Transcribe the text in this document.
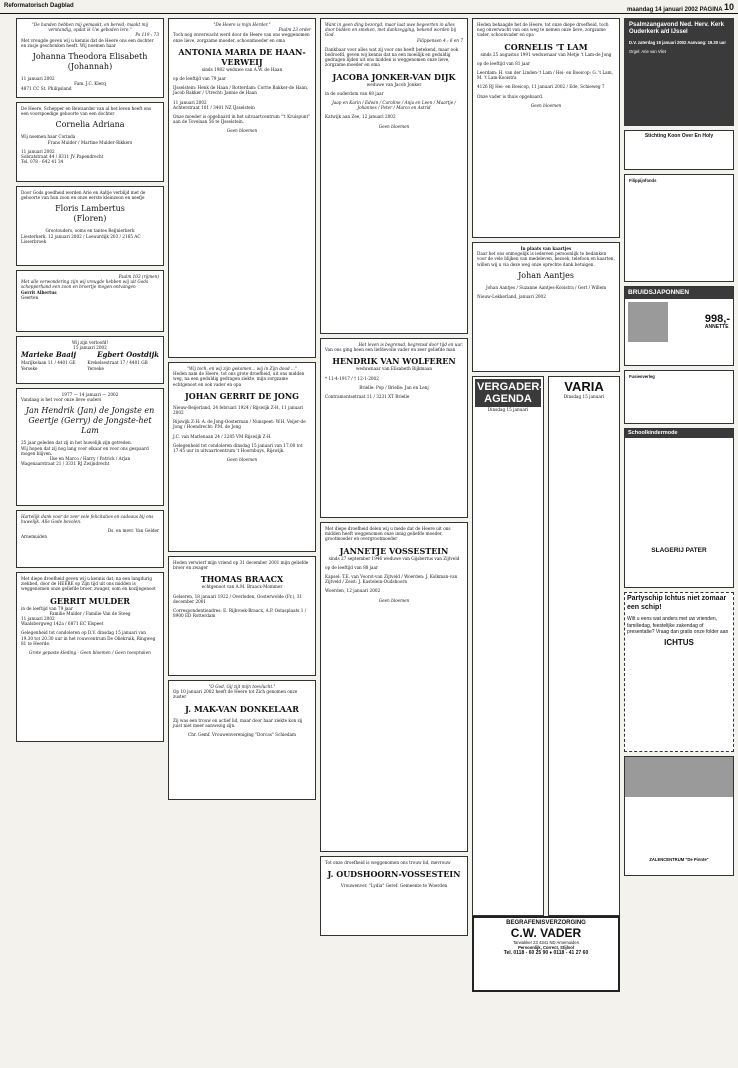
Reformatorisch Dagblad
maandag 14 januari 2002 PAGINA 10
"De handen hebben mij gemaakt, en bereid; maakt mij verstandig, opdat ik Uw geboden lere."
Ps 119 : 73
Met vreugde geven wij u kennis dat de Heere ons een dochter en zusje geschonken heeft. Wij noemen haar
Johanna Theodora Elisabeth
(Johannah)
11 januari 2002
Fam. J.C. Klerq
4871 CC St. Philipsland
De Heere, Schepper en Bewaarder van al het leven heeft ons een voorspoedige geboorte van een dochter
Cornelia Adriana
Wij noemen haar Corinda
Frans Mulder / Martine Mulder-Rikkers
11 januari 2002
Sobratstraat 44 / 8311 JV Papendrecht
Tel. 078 - 642 41 34
Door Gods goedheid werden Arie en Aaltje verblijd met de geboorte van hun zoon en onze eerste kleinzoon en neefje
Floris Lambertus
(Floren)
Grootouders, ooms en tantes Reijnierkerk
Liesterkerk, 12 januari 2002 / Loeuurdijk 203 / 2165 AC Lisserbroek
Psalm 103 (rijmen)
Met alle verwondering zijn wij vreugde hebben wij uit Gods schepperhand een zoon en broertje mogen ontvangen
Gerrit Albertus
Geerten
Wij zijn verloofd!
15 januari 2002
Marieke Baaij	Egbert Oostdijk
Marijkelaan 11 / 4401 GE Yerseke
Krekelsestraat 17 / 4401 GB Yerseke
1977 — 14 januari — 2002
Vandaag is het voor onze lieve ouders
Jan Hendrik (Jan) de Jongste en Geertje (Gerry) de Jongste-het Lam
25 jaar geleden dat zij in het huwelijk zijn getreden.
Wij hopen dat zij nog lang voor elkaar en voor ons gespaard mogen blijven.
Ilse en Marco / Harry / Patrick / Arjan
Wagenaarstraat 21 / 3331 RJ Zwijndrecht
Hartelijk dank voor de zeer vele felicitaties en cadeaus bij ons huwelijk. Alle Gode bevolen.
Ds. en mevr. Van Gelder
Arnemuiden
Met diepe droefheid geven wij u kennis dat, na een langdurig ziekbed, door de HEERE op Zijn tijd uit ons midden is weggenomen onze geliefde broer, zwager, oom en kozijngenoot
GERRIT MULDER
in de leeftijd van 79 jaar
Familie Mulder / Familie Van de Steeg
11 januari 2002
Waalsbergweg 142a / 6871 EC Elspeet
Gelegenheid tot condoleren op D.V. dinsdag 15 januari van 19.30 tot 20.30 uur in het rouwcentrum De Oliekruik, Ringweg 81 te Heerde.
Grote gepaste kleding - Geen bloemen / Geen toespraken
"De Heere is mijn Herder."
Psalm 23 order
Toch nog onverwacht werd door de Heere van ons weggenomen onze lieve, zorgzame moeder, schoonmoeder en oma
ANTONIA MARIA DE HAAN-VERWEIJ
sinds 1982 weduwe van A.W. de Haan
op de leeftijd van 79 jaar
IJsselstein: Henk de Haan / Rotterdam: Corrie Bakker-de Haan, Jacob Bakker / Utrecht: Jannie de Haan
11 januari 2002
Achterstraat 101 / 3401 NZ IJsselstein
Onze moeder is opgebaard in het uitvaartcentrum "'t Kruispunt" aan de Tovelaan 56 te IJsselstein.
Geen bloemen
"Wij toch, en wij zijn gekomen... wij in Zijn dood ..."
Heden nam de Heere, tot ons grote droefheid, uit ons midden weg, na een geduldig gedragen ziekte, mijn zorgzame echtgenoot en ook vader en opa
JOHAN GERRIT DE JONG
Nieuw-Beijerland, 24 februari 1924 / Rijswijk Z-H, 11 januari 2002
Rijswijk Z-H: A. de Jong-Oosterman / Nunspeet: W.H. Veijer-de Jong / Hoendrecht: P.M. de Jong
J.C. van Marlenaan 24 / 2285 VM Rijswijk Z-H
Gelegenheid tot condoleren dinsdag 15 januari van 17.00 tot 17.45 uur in uitvaartcentrum 't Hoornbuys, Rijswijk.
Geen bloemen
Heden verwierf mijn vriend op 31 december 2001 mijn geliefde broer en zwager
THOMAS BRAACX
echtgenoot van A.M. Braacx-Mommer
Gelseren, 18 januari 1922 / Overleden, Oosterwolde (Fr.), 31 december 2001
Correspondentieadres: E. Rijbroek-Braacx, A.P. Ostasplaats 1 / 8900 ED Rotterdam
"O God, Gij zijt mijn toevlucht."
Op 10 januari 2002 heeft de Heere tot Zich genomen onze zuster
J. MAK-VAN DONKELAAR
Zij was een trouw en actief lid, maar door haar ziekte kon zij juist niet meer aanwezig zijn.
Chr. Gemf. Vrouwenvereniging "Dorcas" Schiedam
Want in geen ding bezorgd, maar laat uwe begeerten in alles door bidden en smeken, met dankzegging, bekend worden bij God.
Filippensen 4 : 6 en 7
Dankbaar voor alles wat zij voor ons heeft betekend, maar ook bedroefd, geven wij kennis dat na een moeilijk en geduldig gedragen lijden uit ons midden is weggenomen onze lieve, zorgzame moeder en oma
JACOBA JONKER-VAN DIJK
weduwe van Jacob Jonker
in de ouderdom van 68 jaar
Jaap en Karin / Edwin / Caroline / Anja en Leen / Maartje / Johannes / Peter / Marco en Astrid
Katwijk aan Zee, 12 januari 2002
Geen bloemen
Het leven is begrensd, begrensd door tijd en uur.
Van ons ging heen een liefdevolle vader en zeer geliefde man
HENDRIK VAN WOLFEREN
weduwnaar van Elisabeth Rijkmaan
* 11-4-1917 / † 12-1-2002
Brielle: Pop / Brielle: Jan en Lenj
Contramontsetraat 11 / 3231 XT Brielle
Met diepe droefheid delen wij u mede dat de Heere uit ons midden heeft weggenomen onze innig geliefde moeder, grootmoeder en overgrootmoeder
JANNETJE VOSSESTEIN
sinds 27 september 1946 weduwe van Gijsbertus van Zijtveld
op de leeftijd van 88 jaar
Kapsel: T.E. van Voorst-van Zijtveld / Woerden: J. Kolkman-van Zijtveld / Zeist: J. Kastelein-Oudshoorn
Woerden, 12 januari 2002
Geen bloemen
Tot onze droefheid is weggenomen ons trouw lid, mevrouw
J. OUDSHOORN-VOSSESTEIN
Vrouwenver. "Lydia" Geref. Gemeente te Woerden
Heden behaagde het de Heere, tot onze diepe droefheid, toch nog onverwacht van ons weg te nemen onze lieve, zorgzame vader, schoonvader en opa
CORNELIS 'T LAM
sinds 25 augustus 1991 weduwnaar van Metje 't Lam-de Jong
op de leeftijd van 81 jaar
Leerdam: H. van der Linden-'t Lam / Hei- en Boeicop: G. 't Lam, M. 't Lam-Kooistra
4126 RJ Hei- en Boeicop, 11 januari 2002 / Ede, Schieweg 7
Onze vader is thuis opgebaard.
Geen bloemen
In plaats van kaartjes
Daar het ons onmogelijk is iedereen persoonlijk te bedanken voor de vele blijken van medeleven, bezoek, telefoon en kaarten, willen wij u via deze weg onze oprechte dank betuigen.
Johan Aantjes
Johan Aantjes / Suzanne Aantjes-Kooistra / Gert / Willem
Nieuw-Lekkerland, januari 2002
VERGADER-AGENDA
Dinsdag 15 januari
VARIA
Dinsdag 15 januari
BEGRAFENISVERZORGING
C.W. VADER
Tarwakker 23 4341 ND Arnemuiden
Persoonlijk, Correct, Stijlvol
Tel. 0118 - 60 25 90 ♦ 0118 - 41 27 60
Psalmzangavond Ned. Herv. Kerk Ouderkerk a/d IJssel
D.V. zaterdag 19 januari 2002 Aanvang: 19.30 uur
Orgel: Arie van Vliet
Stichting Koon Over En Holy
Filippijnfonds
BRUIDSJAPONNEN
998,-
ANNETTE
Fusieoverleg
Schoolkindermode
SLAGERIJ PATER
Partyschip Ichtus niet zomaar een schip!
Wilt u eens wat anders met uw vrienden, familiedag, feestelijke zakendag of presentatie? Vraag dan gratis onze folder aan
ICHTUS
ZALENCENTRUM "De Pinnte"
